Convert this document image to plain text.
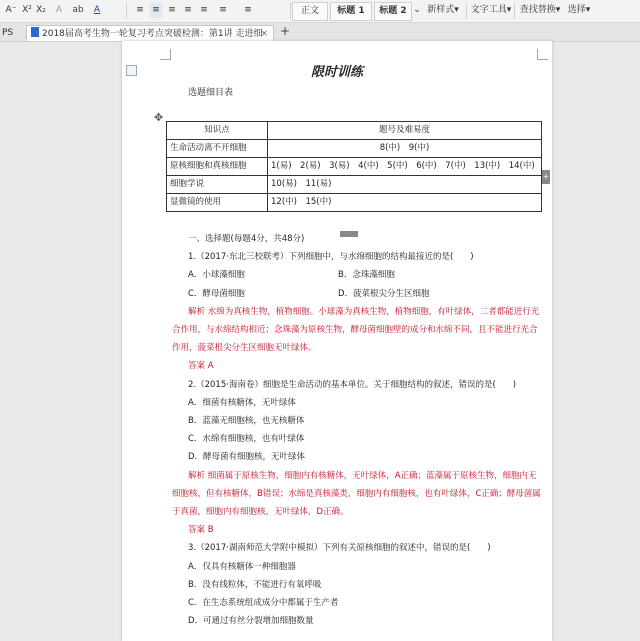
A⁻ X² X₂	A	ab	A	≡ ≡ ≡ ≡ ≡	≡	≡	正文	标题 1	标题 2 ⌄ 新样式▾	文字工具▾ 查找替换▾ 选择▾
PS	2018届高考生物一轮复习考点突破检测：第1讲 走进细
× +
限时训练
选题细目表
✥
知识点	题号及难易度
生命活动离不开细胞	8(中)　9(中)
原核细胞和真核细胞	1(易)　2(易)　3(易)　4(中)　5(中)　6(中)　7(中)　13(中)　14(中)
细胞学说	10(易)　11(易)
显微镜的使用	12(中)　15(中)
+
一、选择题(每题4分，共48分)
1.（2017·东北三校联考）下列细胞中，与水绵细胞的结构最接近的是(　　)
A．小球藻细胞	B．念珠藻细胞
C．酵母菌细胞	D．菠菜根尖分生区细胞
解析 水绵为真核生物，植物细胞。小球藻为真核生物，植物细胞，有叶绿体，二者都能进行光合作用，与水绵结构相近；念珠藻为原核生物，酵母菌细胞壁的成分和水绵不同，且不能进行光合作用，菠菜根尖分生区细胞无叶绿体。
答案 A
2.（2015·海南卷）细胞是生命活动的基本单位。关于细胞结构的叙述，错误的是(　　)
A．细菌有核糖体，无叶绿体
B．蓝藻无细胞核，也无核糖体
C．水绵有细胞核，也有叶绿体
D．酵母菌有细胞核，无叶绿体
解析 细菌属于原核生物，细胞内有核糖体，无叶绿体，A正确；蓝藻属于原核生物，细胞内无细胞核，但有核糖体，B错误；水绵是真核藻类，细胞内有细胞核，也有叶绿体，C正确；酵母菌属于真菌，细胞内有细胞核，无叶绿体，D正确。
答案 B
3.（2017·湖南师范大学附中模拟）下列有关原核细胞的叙述中，错误的是(　　)
A．仅具有核糖体一种细胞器
B．没有线粒体，不能进行有氧呼吸
C．在生态系统组成成分中都属于生产者
D．可通过有丝分裂增加细胞数量
